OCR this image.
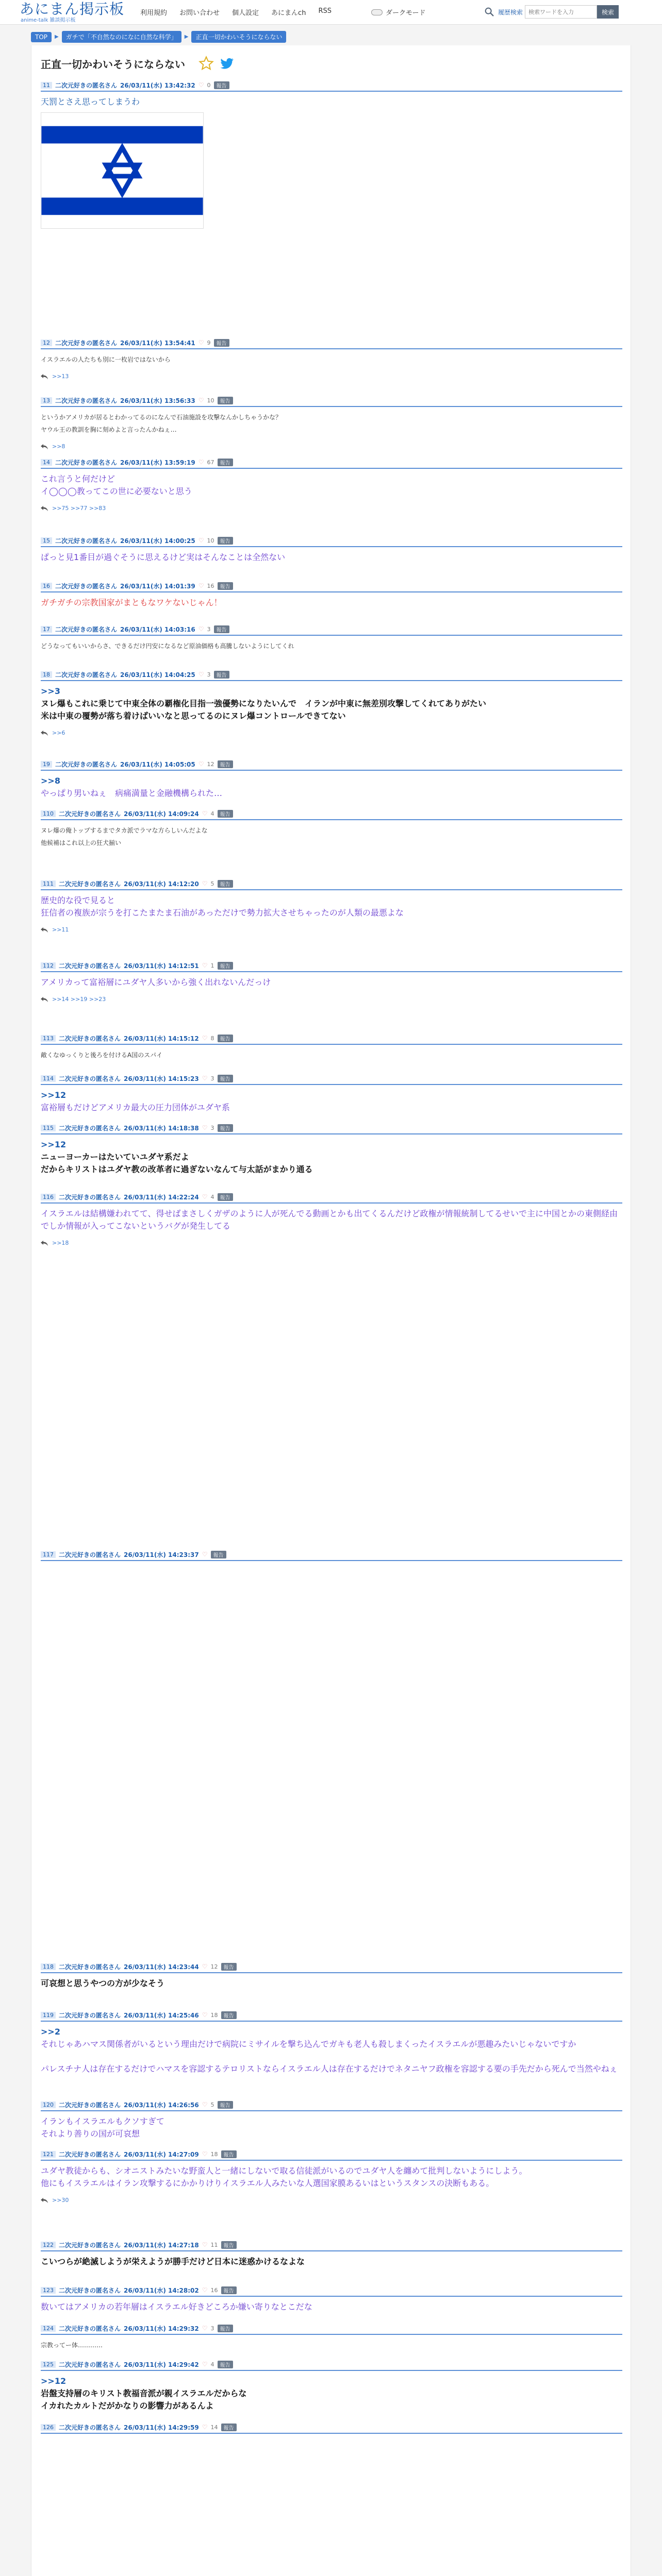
あにまん掲示板
anime-talk 雑談掲示板
利用規約 お問い合わせ 個人設定 あにまんch RSS	ダークモード	履歴検索
検索ワードを入力	検索
TOP	▶	ガチで「不自然なのになに自然な科学」	▶	正直一切かわいそうにならない
正直一切かわいそうにならない
11 二次元好きの匿名さん 26/03/11(水) 13:42:32 ♡ 0	報告
天罰とさえ思ってしまうわ
12 二次元好きの匿名さん 26/03/11(水) 13:54:41 ♡ 9	報告
イスラエルの人たちも別に一枚岩ではないから
>>13
13 二次元好きの匿名さん 26/03/11(水) 13:56:33 ♡ 10	報告
というかアメリカが居るとわかってるのになんで石油施設を攻撃なんかしちゃうかな？
ヤウル王の教訓を胸に刻めよと言ったんかねぇ…
>>8
14 二次元好きの匿名さん 26/03/11(水) 13:59:19 ♡ 67	報告
これ言うと何だけど
イ◯◯◯教ってこの世に必要ないと思う
>>75 >>77 >>83
15 二次元好きの匿名さん 26/03/11(水) 14:00:25 ♡ 10	報告
ぱっと見1番目が過ぐそうに思えるけど実はそんなことは全然ない
16 二次元好きの匿名さん 26/03/11(水) 14:01:39 ♡ 16	報告
ガチガチの宗教国家がまともなワケないじゃん！
17 二次元好きの匿名さん 26/03/11(水) 14:03:16 ♡ 3	報告
どうなってもいいからさ、できるだけ円安になるなど原油価格も高騰しないようにしてくれ
18 二次元好きの匿名さん 26/03/11(水) 14:04:25 ♡ 3	報告
>>3
ヌレ爆もこれに乗じて中東全体の覇権化目指一強優勢になりたいんで　イランが中東に無差別攻撃してくれてありがたい
米は中東の覆勢が落ち着けばいいなと思ってるのにヌレ爆コントロールできてない
>>6
19 二次元好きの匿名さん 26/03/11(水) 14:05:05 ♡ 12	報告
>>8
やっぱり男いねぇ　病痛満量と金融機構られた…
110 二次元好きの匿名さん 26/03/11(水) 14:09:24 ♡ 4	報告
ヌレ爆の俺トップするまでタカ派でラマな方らしいんだよな
他候補はこれ以上の狂犬揃い
111 二次元好きの匿名さん 26/03/11(水) 14:12:20 ♡ 5	報告
歴史的な役で見ると
狂信者の複族が宗うを打こたまたま石油があっただけで勢力拡大させちゃったのが人類の最悪よな
>>11
112 二次元好きの匿名さん 26/03/11(水) 14:12:51 ♡ 1	報告
アメリカって富裕層にユダヤ人多いから強く出れないんだっけ
>>14 >>19 >>23
113 二次元好きの匿名さん 26/03/11(水) 14:15:12 ♡ 8	報告
敵くなゆっくりと後ろを付けるA国のスパイ
114 二次元好きの匿名さん 26/03/11(水) 14:15:23 ♡ 3	報告
>>12
富裕層もだけどアメリカ最大の圧力団体がユダヤ系
115 二次元好きの匿名さん 26/03/11(水) 14:18:38 ♡ 3	報告
>>12
ニューヨーカーはたいていユダヤ系だよ
だからキリストはユダヤ教の改革者に過ぎないなんて与太話がまかり通る
116 二次元好きの匿名さん 26/03/11(水) 14:22:24 ♡ 4	報告
イスラエルは結構嫌われてて、得せばまさしくガザのように人が死んでる動画とかも出てくるんだけど政権が情報統制してるせいで主に中国とかの東側経由でしか情報が入ってこないというバグが発生してる
>>18
117 二次元好きの匿名さん 26/03/11(水) 14:23:37 ♡	報告
118 二次元好きの匿名さん 26/03/11(水) 14:23:44 ♡ 12	報告
可哀想と思うやつの方が少なそう
119 二次元好きの匿名さん 26/03/11(水) 14:25:46 ♡ 18	報告
>>2
それじゃあハマス関係者がいるという理由だけで病院にミサイルを撃ち込んでガキも老人も殺しまくったイスラエルが悪趣みたいじゃないですか

パレスチナ人は存在するだけでハマスを容認するテロリストならイスラエル人は存在するだけでネタニヤフ政権を容認する要の手先だから死んで当然やねぇ
120 二次元好きの匿名さん 26/03/11(水) 14:26:56 ♡ 5	報告
イランもイスラエルもクソすぎて
それより善りの国が可哀想
121 二次元好きの匿名さん 26/03/11(水) 14:27:09 ♡ 18	報告
ユダヤ教徒からも、シオニストみたいな野蛮人と一緒にしないで取る信徒派がいるのでユダヤ人を纏めて批判しないようにしよう。
他にもイスラエルはイラン攻撃するにかかりけりイスラエル人みたいな人選国家膜あるいはというスタンスの決断もある。
>>30
122 二次元好きの匿名さん 26/03/11(水) 14:27:18 ♡ 11	報告
こいつらが絶滅しようが栄えようが勝手だけど日本に迷惑かけるなよな
123 二次元好きの匿名さん 26/03/11(水) 14:28:02 ♡ 16	報告
数いてはアメリカの若年層はイスラエル好きどころか嫌い寄りなとこだな
124 二次元好きの匿名さん 26/03/11(水) 14:29:32 ♡ 3	報告
宗教ってー体…………
125 二次元好きの匿名さん 26/03/11(水) 14:29:42 ♡ 4	報告
>>12
岩盤支持層のキリスト教福音派が親イスラエルだからな
イカれたカルトだがかなりの影響力があるんよ
126 二次元好きの匿名さん 26/03/11(水) 14:29:59 ♡ 14	報告
